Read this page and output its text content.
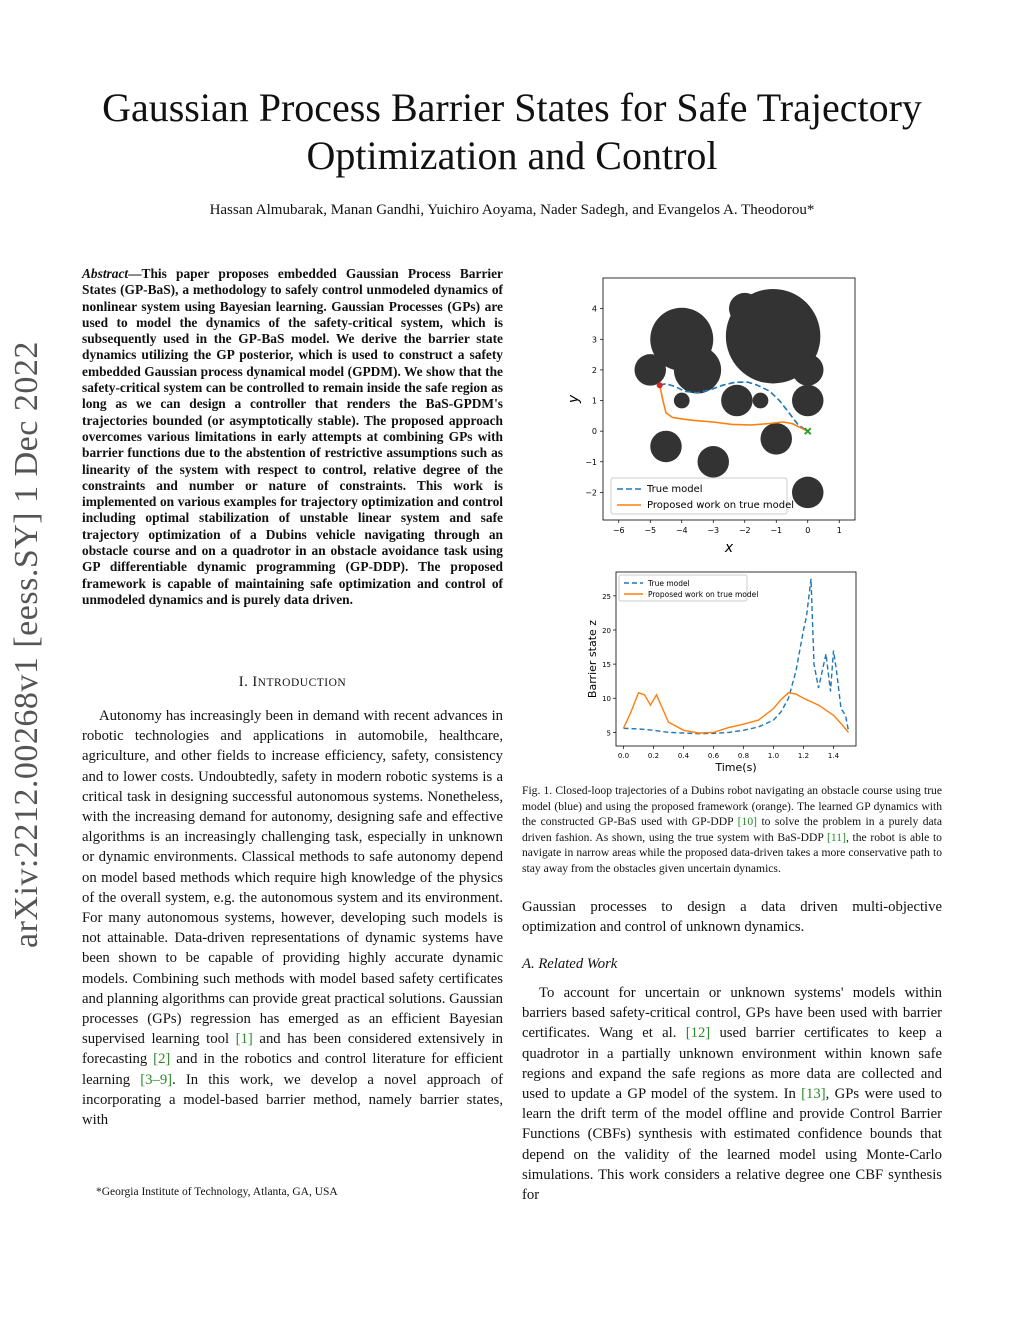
arXiv:2212.00268v1 [eess.SY] 1 Dec 2022
Gaussian Process Barrier States for Safe Trajectory Optimization and Control
Hassan Almubarak, Manan Gandhi, Yuichiro Aoyama, Nader Sadegh, and Evangelos A. Theodorou*
Abstract—This paper proposes embedded Gaussian Process Barrier States (GP-BaS), a methodology to safely control unmodeled dynamics of nonlinear system using Bayesian learning. Gaussian Processes (GPs) are used to model the dynamics of the safety-critical system, which is subsequently used in the GP-BaS model. We derive the barrier state dynamics utilizing the GP posterior, which is used to construct a safety embedded Gaussian process dynamical model (GPDM). We show that the safety-critical system can be controlled to remain inside the safe region as long as we can design a controller that renders the BaS-GPDM's trajectories bounded (or asymptotically stable). The proposed approach overcomes various limitations in early attempts at combining GPs with barrier functions due to the abstention of restrictive assumptions such as linearity of the system with respect to control, relative degree of the constraints and number or nature of constraints. This work is implemented on various examples for trajectory optimization and control including optimal stabilization of unstable linear system and safe trajectory optimization of a Dubins vehicle navigating through an obstacle course and on a quadrotor in an obstacle avoidance task using GP differentiable dynamic programming (GP-DDP). The proposed framework is capable of maintaining safe optimization and control of unmodeled dynamics and is purely data driven.
I. INTRODUCTION
Autonomy has increasingly been in demand with recent advances in robotic technologies and applications in automobile, healthcare, agriculture, and other fields to increase efficiency, safety, consistency and to lower costs. Undoubtedly, safety in modern robotic systems is a critical task in designing successful autonomous systems. Nonetheless, with the increasing demand for autonomy, designing safe and effective algorithms is an increasingly challenging task, especially in unknown or dynamic environments. Classical methods to safe autonomy depend on model based methods which require high knowledge of the physics of the overall system, e.g. the autonomous system and its environment. For many autonomous systems, however, developing such models is not attainable. Data-driven representations of dynamic systems have been shown to be capable of providing highly accurate dynamic models. Combining such methods with model based safety certificates and planning algorithms can provide great practical solutions. Gaussian processes (GPs) regression has emerged as an efficient Bayesian supervised learning tool [1] and has been considered extensively in forecasting [2] and in the robotics and control literature for efficient learning [3–9]. In this work, we develop a novel approach of incorporating a model-based barrier method, namely barrier states, with
*Georgia Institute of Technology, Atlanta, GA, USA
−6 −5 −4 −3 −2 −1	0	1
−2
−1
0
1
2
3
4
x
y
True model
Proposed work on true model
0.0	0.2	0.4	0.6	0.8	1.0	1.2	1.4
5
10
15
20
25
Time(s)
Barrier state z
True model
Proposed work on true model
Fig. 1. Closed-loop trajectories of a Dubins robot navigating an obstacle course using true model (blue) and using the proposed framework (orange). The learned GP dynamics with the constructed GP-BaS used with GP-DDP [10] to solve the problem in a purely data driven fashion. As shown, using the true system with BaS-DDP [11], the robot is able to navigate in narrow areas while the proposed data-driven takes a more conservative path to stay away from the obstacles given uncertain dynamics.
Gaussian processes to design a data driven multi-objective optimization and control of unknown dynamics.
A. Related Work
To account for uncertain or unknown systems' models within barriers based safety-critical control, GPs have been used with barrier certificates. Wang et al. [12] used barrier certificates to keep a quadrotor in a partially unknown environment within known safe regions and expand the safe regions as more data are collected and used to update a GP model of the system. In [13], GPs were used to learn the drift term of the model offline and provide Control Barrier Functions (CBFs) synthesis with estimated confidence bounds that depend on the validity of the learned model using Monte-Carlo simulations. This work considers a relative degree one CBF synthesis for
